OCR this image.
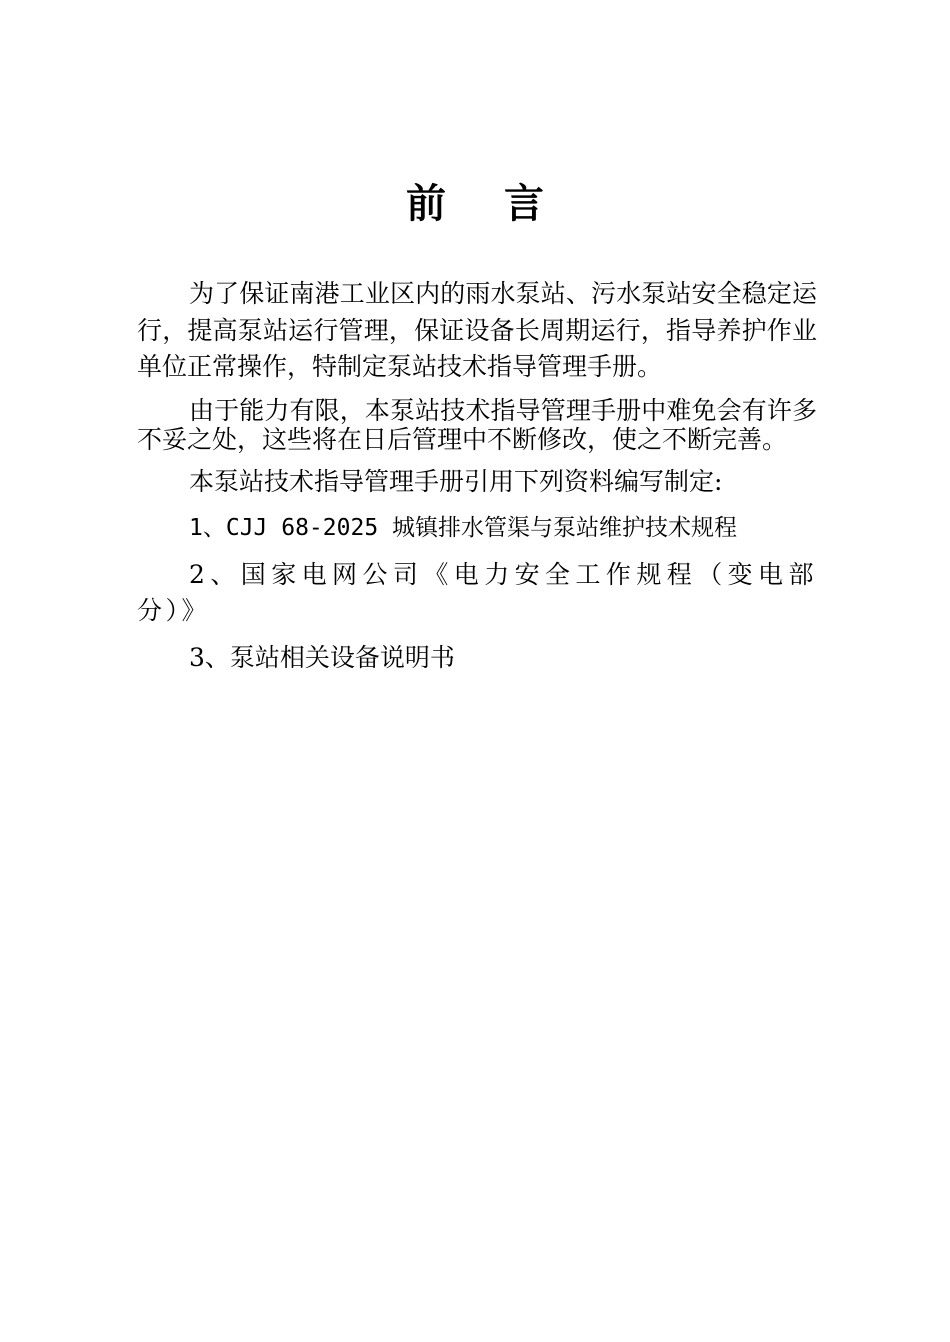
前 言

为了保证南港工业区内的雨水泵站、污水泵站安全稳定运行，提高泵站运行管理，保证设备长周期运行，指导养护作业单位正常操作，特制定泵站技术指导管理手册。

由于能力有限，本泵站技术指导管理手册中难免会有许多不妥之处，这些将在日后管理中不断修改，使之不断完善。

本泵站技术指导管理手册引用下列资料编写制定:

1、CJJ 68-2025 城镇排水管渠与泵站维护技术规程

2、国家电网公司《电力安全工作规程（变电部分）》

3、泵站相关设备说明书
